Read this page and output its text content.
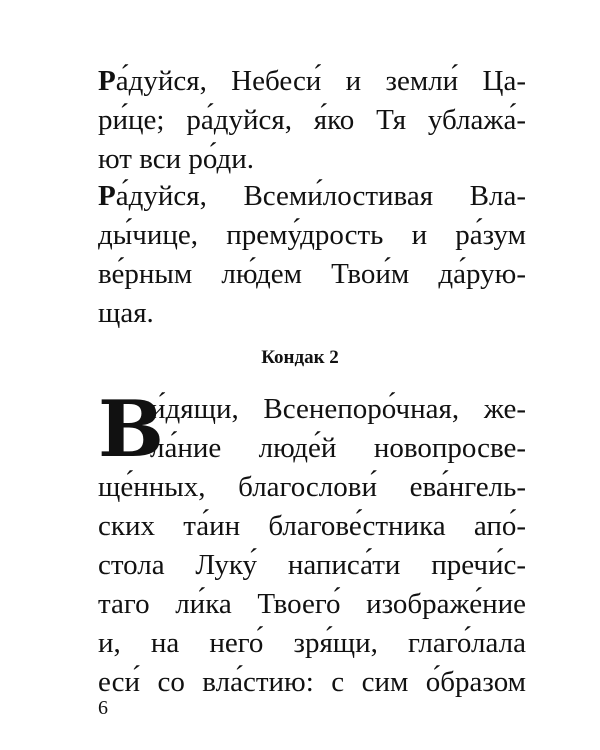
Ра́дуйся, Небеси́ и земли́ Ца-
ри́це; ра́дуйся, я́ко Тя ублажа́-
ют вси ро́ди.
Ра́дуйся, Всеми́лостивая Вла-
ды́чице, прему́дрость и ра́зум
ве́рным лю́дем Твои́м да́рую-
щая.
Кондак 2
В
и́дящи, Всенепоро́чная, же-
ла́ние люде́й новопросве-
ще́нных, благослови́ ева́нгель-
ских та́ин благове́стника апо́-
стола Луку́ написа́ти пречи́с-
таго ли́ка Твоего́ изображе́ние
и, на него́ зря́щи, глаго́лала
еси́ со вла́стию: с сим о́бразом
6
